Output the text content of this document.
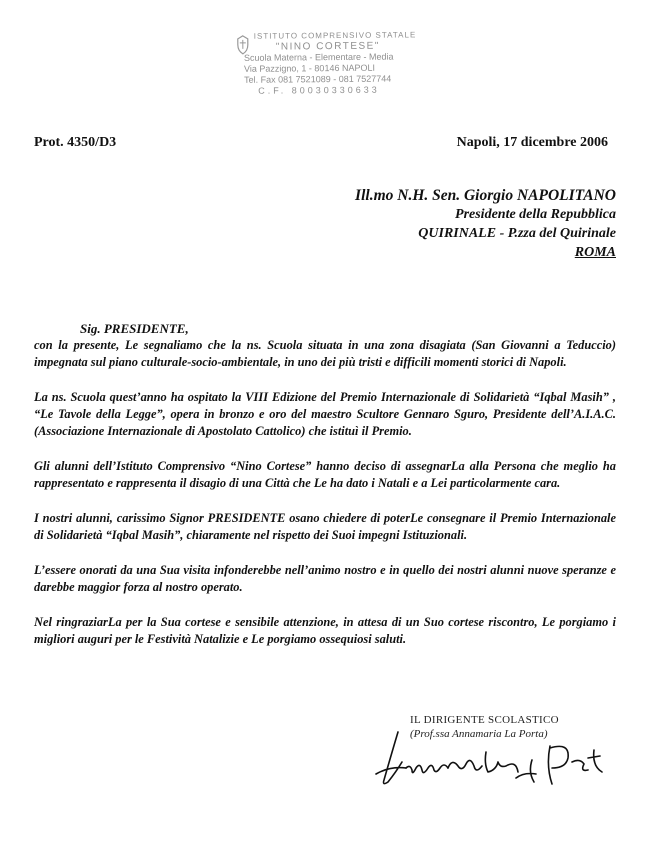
ISTITUTO COMPRENSIVO STATALE
"NINO CORTESE"
Scuola Materna - Elementare - Media
Via Pazzigno, 1 - 80146 NAPOLI
Tel. Fax 081 7521089 - 081 7527744
C.F. 80030330633
Prot. 4350/D3	Napoli, 17 dicembre 2006
Ill.mo N.H. Sen. Giorgio NAPOLITANO
Presidente della Repubblica
QUIRINALE - P.zza del Quirinale
ROMA

Sig. PRESIDENTE,

con la presente, Le segnaliamo che la ns. Scuola situata in una zona disagiata (San Giovanni a Teduccio) impegnata sul piano culturale-socio-ambientale, in uno dei più tristi e difficili momenti storici di Napoli.

La ns. Scuola quest’anno ha ospitato la VIII Edizione del Premio Internazionale di Solidarietà “Iqbal Masih” , “Le Tavole della Legge”, opera in bronzo e oro del maestro Scultore Gennaro Sguro, Presidente dell’A.I.A.C. (Associazione Internazionale di Apostolato Cattolico) che istituì il Premio.

Gli alunni dell’Istituto Comprensivo “Nino Cortese” hanno deciso di assegnarLa alla Persona che meglio ha rappresentato e rappresenta il disagio di una Città che Le ha dato i Natali e a Lei particolarmente cara.

I nostri alunni, carissimo Signor PRESIDENTE osano chiedere di poterLe consegnare il Premio Internazionale di Solidarietà “Iqbal Masih”, chiaramente nel rispetto dei Suoi impegni Istituzionali.

L’essere onorati da una Sua visita infonderebbe nell’animo nostro e in quello dei nostri alunni nuove speranze e darebbe maggior forza al nostro operato.

Nel ringraziarLa per la Sua cortese e sensibile attenzione, in attesa di un Suo cortese riscontro, Le porgiamo i migliori auguri per le Festività Natalizie e Le porgiamo ossequiosi saluti.

IL DIRIGENTE SCOLASTICO
(Prof.ssa Annamaria La Porta)
